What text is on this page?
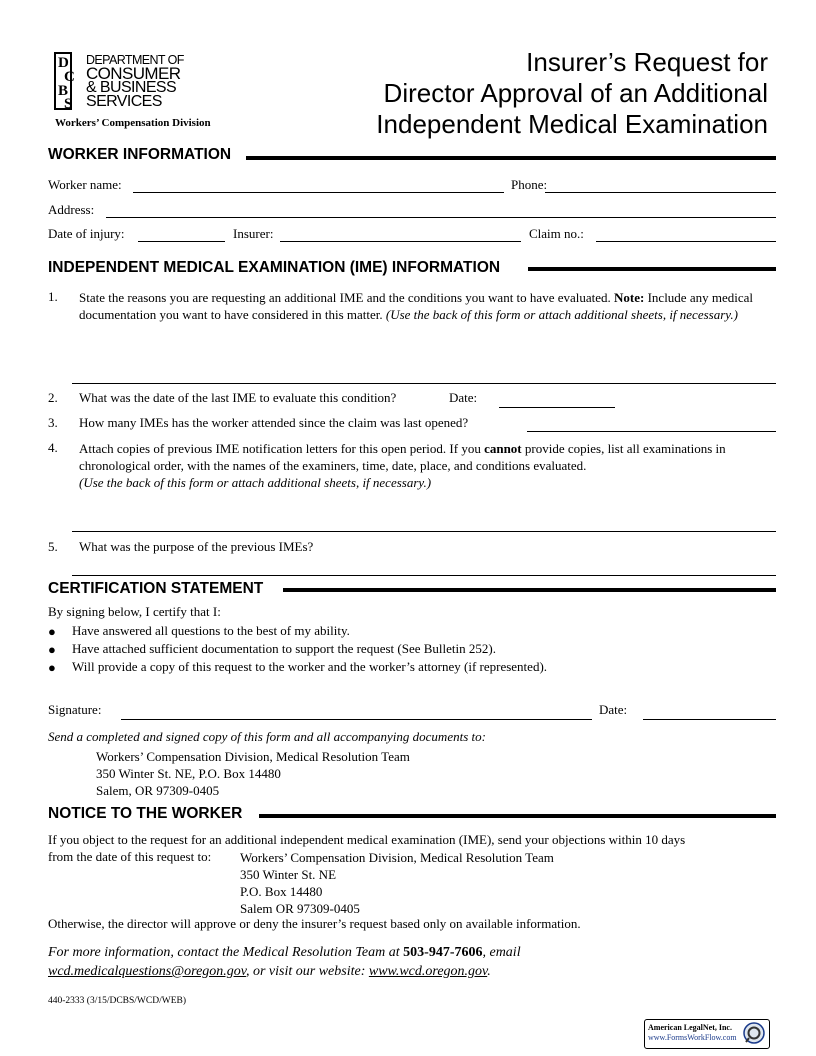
D
C
B
S
DEPARTMENT OF
CONSUMER
& BUSINESS
SERVICES
Workers’ Compensation Division
Insurer’s Request for
Director Approval of an Additional
Independent Medical Examination
WORKER INFORMATION
Worker name:	Phone:
Address:
Date of injury:	Insurer:	Claim no.:
INDEPENDENT MEDICAL EXAMINATION (IME) INFORMATION
1. State the reasons you are requesting an additional IME and the conditions you want to have evaluated. Note: Include any medical documentation you want to have considered in this matter. (Use the back of this form or attach additional sheets, if necessary.)
2. What was the date of the last IME to evaluate this condition?	Date:
3. How many IMEs has the worker attended since the claim was last opened?
4. Attach copies of previous IME notification letters for this open period. If you cannot provide copies, list all examinations in chronological order, with the names of the examiners, time, date, place, and conditions evaluated.
(Use the back of this form or attach additional sheets, if necessary.)
5. What was the purpose of the previous IMEs?
CERTIFICATION STATEMENT
By signing below, I certify that I:
● Have answered all questions to the best of my ability.
● Have attached sufficient documentation to support the request (See Bulletin 252).
● Will provide a copy of this request to the worker and the worker’s attorney (if represented).
Signature:	Date:
Send a completed and signed copy of this form and all accompanying documents to:
Workers’ Compensation Division, Medical Resolution Team
350 Winter St. NE, P.O. Box 14480
Salem, OR 97309-0405
NOTICE TO THE WORKER
If you object to the request for an additional independent medical examination (IME), send your objections within 10 days
from the date of this request to: Workers’ Compensation Division, Medical Resolution Team
350 Winter St. NE
P.O. Box 14480
Salem OR 97309-0405
Otherwise, the director will approve or deny the insurer’s request based only on available information.
For more information, contact the Medical Resolution Team at 503-947-7606, email
wcd.medicalquestions@oregon.gov, or visit our website: www.wcd.oregon.gov.
440-2333 (3/15/DCBS/WCD/WEB)
American LegalNet, Inc.
www.FormsWorkFlow.com
